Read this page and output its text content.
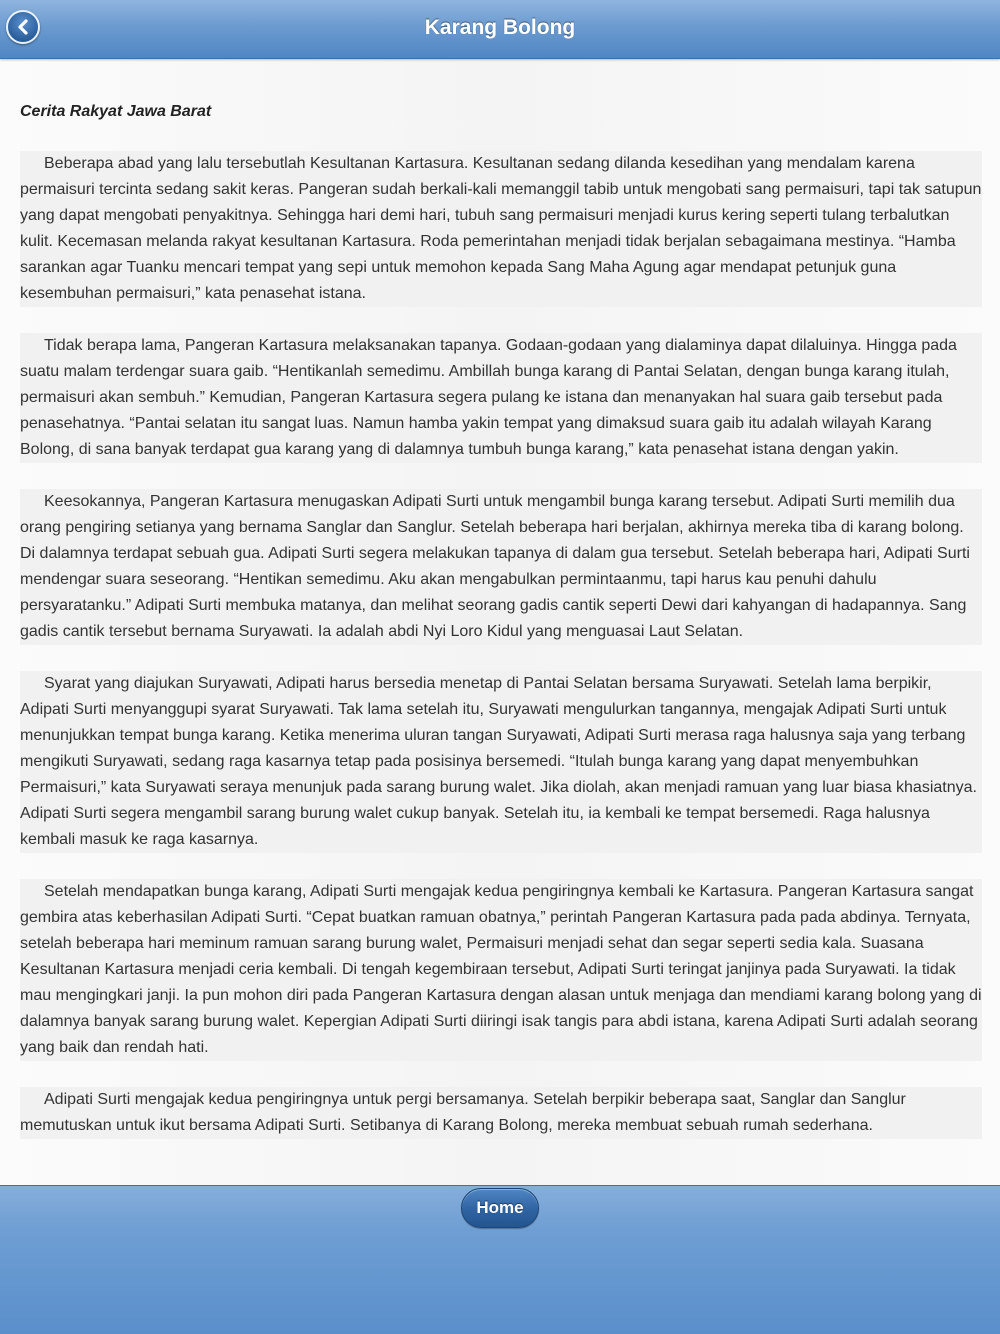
Karang Bolong
Cerita Rakyat Jawa Barat

Beberapa abad yang lalu tersebutlah Kesultanan Kartasura. Kesultanan sedang dilanda kesedihan yang mendalam karena permaisuri tercinta sedang sakit keras. Pangeran sudah berkali-kali memanggil tabib untuk mengobati sang permaisuri, tapi tak satupun yang dapat mengobati penyakitnya. Sehingga hari demi hari, tubuh sang permaisuri menjadi kurus kering seperti tulang terbalutkan kulit. Kecemasan melanda rakyat kesultanan Kartasura. Roda pemerintahan menjadi tidak berjalan sebagaimana mestinya. “Hamba sarankan agar Tuanku mencari tempat yang sepi untuk memohon kepada Sang Maha Agung agar mendapat petunjuk guna kesembuhan permaisuri,” kata penasehat istana.

Tidak berapa lama, Pangeran Kartasura melaksanakan tapanya. Godaan-godaan yang dialaminya dapat dilaluinya. Hingga pada suatu malam terdengar suara gaib. “Hentikanlah semedimu. Ambillah bunga karang di Pantai Selatan, dengan bunga karang itulah, permaisuri akan sembuh.” Kemudian, Pangeran Kartasura segera pulang ke istana dan menanyakan hal suara gaib tersebut pada penasehatnya. “Pantai selatan itu sangat luas. Namun hamba yakin tempat yang dimaksud suara gaib itu adalah wilayah Karang Bolong, di sana banyak terdapat gua karang yang di dalamnya tumbuh bunga karang,” kata penasehat istana dengan yakin.

Keesokannya, Pangeran Kartasura menugaskan Adipati Surti untuk mengambil bunga karang tersebut. Adipati Surti memilih dua orang pengiring setianya yang bernama Sanglar dan Sanglur. Setelah beberapa hari berjalan, akhirnya mereka tiba di karang bolong. Di dalamnya terdapat sebuah gua. Adipati Surti segera melakukan tapanya di dalam gua tersebut. Setelah beberapa hari, Adipati Surti mendengar suara seseorang. “Hentikan semedimu. Aku akan mengabulkan permintaanmu, tapi harus kau penuhi dahulu persyaratanku.” Adipati Surti membuka matanya, dan melihat seorang gadis cantik seperti Dewi dari kahyangan di hadapannya. Sang gadis cantik tersebut bernama Suryawati. Ia adalah abdi Nyi Loro Kidul yang menguasai Laut Selatan.

Syarat yang diajukan Suryawati, Adipati harus bersedia menetap di Pantai Selatan bersama Suryawati. Setelah lama berpikir, Adipati Surti menyanggupi syarat Suryawati. Tak lama setelah itu, Suryawati mengulurkan tangannya, mengajak Adipati Surti untuk menunjukkan tempat bunga karang. Ketika menerima uluran tangan Suryawati, Adipati Surti merasa raga halusnya saja yang terbang mengikuti Suryawati, sedang raga kasarnya tetap pada posisinya bersemedi. “Itulah bunga karang yang dapat menyembuhkan Permaisuri,” kata Suryawati seraya menunjuk pada sarang burung walet. Jika diolah, akan menjadi ramuan yang luar biasa khasiatnya. Adipati Surti segera mengambil sarang burung walet cukup banyak. Setelah itu, ia kembali ke tempat bersemedi. Raga halusnya kembali masuk ke raga kasarnya.

Setelah mendapatkan bunga karang, Adipati Surti mengajak kedua pengiringnya kembali ke Kartasura. Pangeran Kartasura sangat gembira atas keberhasilan Adipati Surti. “Cepat buatkan ramuan obatnya,” perintah Pangeran Kartasura pada pada abdinya. Ternyata, setelah beberapa hari meminum ramuan sarang burung walet, Permaisuri menjadi sehat dan segar seperti sedia kala. Suasana Kesultanan Kartasura menjadi ceria kembali. Di tengah kegembiraan tersebut, Adipati Surti teringat janjinya pada Suryawati. Ia tidak mau mengingkari janji. Ia pun mohon diri pada Pangeran Kartasura dengan alasan untuk menjaga dan mendiami karang bolong yang di dalamnya banyak sarang burung walet. Kepergian Adipati Surti diiringi isak tangis para abdi istana, karena Adipati Surti adalah seorang yang baik dan rendah hati.

Adipati Surti mengajak kedua pengiringnya untuk pergi bersamanya. Setelah berpikir beberapa saat, Sanglar dan Sanglur memutuskan untuk ikut bersama Adipati Surti. Setibanya di Karang Bolong, mereka membuat sebuah rumah sederhana.

Home
